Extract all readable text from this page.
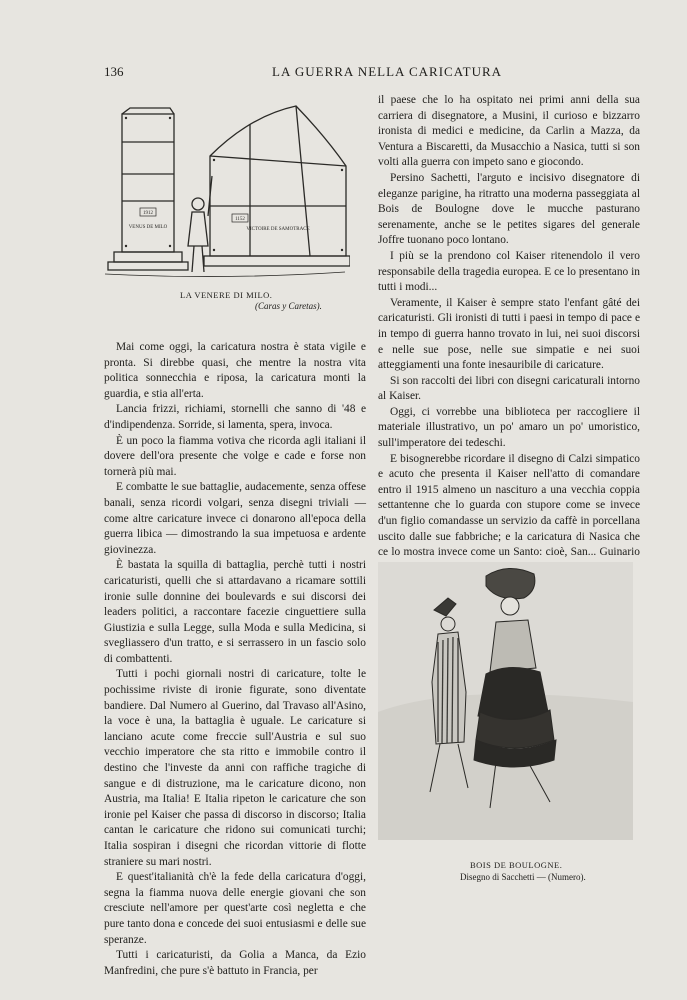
136	LA GUERRA NELLA CARICATURA
1912
1152
VENUS DE MILO	VICTOIRE DE SAMOTRACE
LA VENERE DI MILO.
(Caras y Caretas).

Mai come oggi, la caricatura nostra è stata vigile e pronta. Si direbbe quasi, che mentre la nostra vita politica sonnecchia e riposa, la caricatura monti la guardia, e stia all'erta.

Lancia frizzi, richiami, stornelli che sanno di '48 e d'indipendenza. Sorride, si lamenta, spera, invoca.

È un poco la fiamma votiva che ricorda agli italiani il dovere dell'ora presente che volge e cade e forse non tornerà più mai.

E combatte le sue battaglie, audacemente, senza offese banali, senza ricordi volgari, senza disegni triviali — come altre caricature invece ci donarono all'epoca della guerra libica — dimostrando la sua impetuosa e ardente giovinezza.

È bastata la squilla di battaglia, perchè tutti i nostri caricaturisti, quelli che si attardavano a ricamare sottili ironie sulle donnine dei boulevards e sui discorsi dei leaders politici, a raccontare facezie cinguettiere sulla Giustizia e sulla Legge, sulla Moda e sulla Medicina, si svegliassero d'un tratto, e si serrassero in un fascio solo di combattenti.

Tutti i pochi giornali nostri di caricature, tolte le pochissime riviste di ironie figurate, sono diventate bandiere. Dal Numero al Guerino, dal Travaso all'Asino, la voce è una, la battaglia è uguale. Le caricature si lanciano acute come freccie sull'Austria e sul suo vecchio imperatore che sta ritto e immobile contro il destino che l'investe da anni con raffiche tragiche di sangue e di distruzione, ma le caricature dicono, non Austria, ma Italia! E Italia ripeton le caricature che son ironie pel Kaiser che passa di discorso in discorso; Italia cantan le caricature che ridono sui comunicati turchi; Italia sospiran i disegni che ricordan vittorie di flotte straniere su mari nostri.

E quest'italianità ch'è la fede della caricatura d'oggi, segna la fiamma nuova delle energie giovani che son cresciute nell'amore per quest'arte così negletta e che pure tanto dona e concede dei suoi entusiasmi e delle sue speranze.

Tutti i caricaturisti, da Golia a Manca, da Ezio Manfredini, che pure s'è battuto in Francia, per

il paese che lo ha ospitato nei primi anni della sua carriera di disegnatore, a Musini, il curioso e bizzarro ironista di medici e medicine, da Carlin a Mazza, da Ventura a Biscaretti, da Musacchio a Nasica, tutti si son volti alla guerra con impeto sano e giocondo.

Persino Sachetti, l'arguto e incisivo disegnatore di eleganze parigine, ha ritratto una moderna passeggiata al Bois de Boulogne dove le mucche pasturano serenamente, anche se le petites sigares del generale Joffre tuonano poco lontano.

I più se la prendono col Kaiser ritenendolo il vero responsabile della tragedia europea. E ce lo presentano in tutti i modi...

Veramente, il Kaiser è sempre stato l'enfant gâté dei caricaturisti. Gli ironisti di tutti i paesi in tempo di pace e in tempo di guerra hanno trovato in lui, nei suoi discorsi e nelle sue pose, nelle sue simpatie e nei suoi atteggiamenti una fonte inesauribile di caricature.

Si son raccolti dei libri con disegni caricaturali intorno al Kaiser.

Oggi, ci vorrebbe una biblioteca per raccogliere il materiale illustrativo, un po' amaro un po' umoristico, sull'imperatore dei tedeschi.

E bisognerebbe ricordare il disegno di Calzi simpatico e acuto che presenta il Kaiser nell'atto di comandare entro il 1915 almeno un nascituro a una vecchia coppia settantenne che lo guarda con stupore come se invece d'un figlio comandasse un servizio da caffè in porcellana uscito dalle sue fabbriche; e la caricatura di Nasica che ce lo mostra invece come un Santo: cioè, San... Guinario

BOIS DE BOULOGNE.
Disegno di Sacchetti — (Numero).
